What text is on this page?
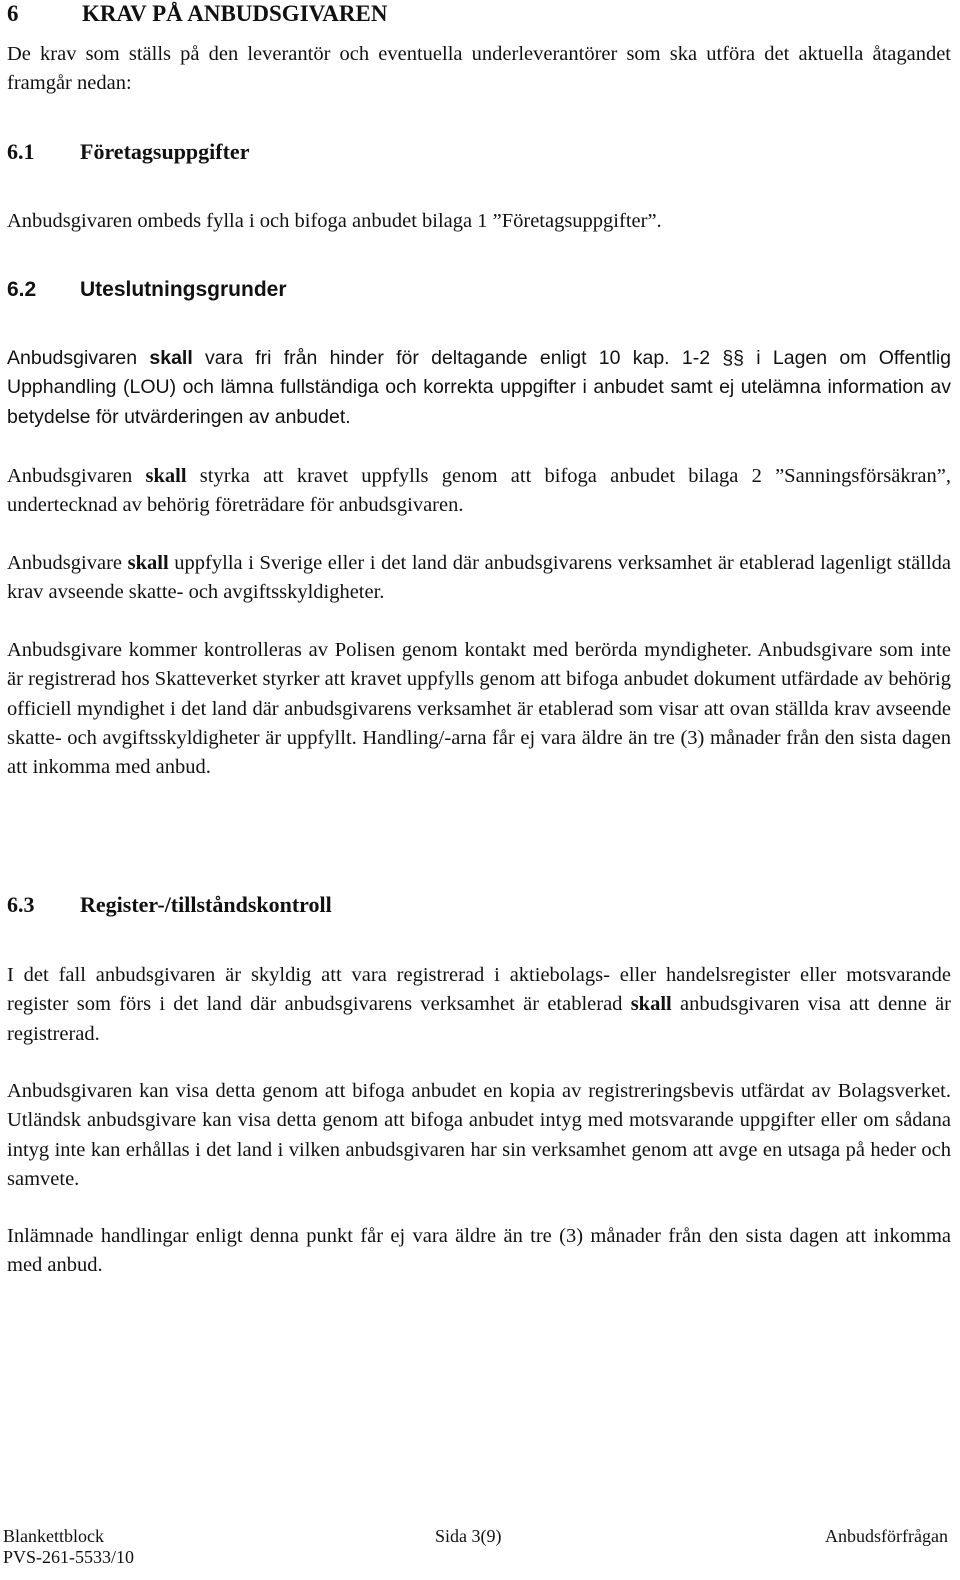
6	KRAV PÅ ANBUDSGIVAREN
De krav som ställs på den leverantör och eventuella underleverantörer som ska utföra det aktuella åtagandet framgår nedan:
6.1 Företagsuppgifter
Anbudsgivaren ombeds fylla i och bifoga anbudet bilaga 1 ”Företagsuppgifter”.
6.2 Uteslutningsgrunder
Anbudsgivaren skall vara fri från hinder för deltagande enligt 10 kap. 1-2 §§ i Lagen om Offentlig Upphandling (LOU) och lämna fullständiga och korrekta uppgifter i anbudet samt ej utelämna information av betydelse för utvärderingen av anbudet.
Anbudsgivaren skall styrka att kravet uppfylls genom att bifoga anbudet bilaga 2 ”Sanningsförsäkran”, undertecknad av behörig företrädare för anbudsgivaren.
Anbudsgivare skall uppfylla i Sverige eller i det land där anbudsgivarens verksamhet är etablerad lagenligt ställda krav avseende skatte- och avgiftsskyldigheter.
Anbudsgivare kommer kontrolleras av Polisen genom kontakt med berörda myndigheter. Anbudsgivare som inte är registrerad hos Skatteverket styrker att kravet uppfylls genom att bifoga anbudet dokument utfärdade av behörig officiell myndighet i det land där anbudsgivarens verksamhet är etablerad som visar att ovan ställda krav avseende skatte- och avgiftsskyldigheter är uppfyllt. Handling/-arna får ej vara äldre än tre (3) månader från den sista dagen att inkomma med anbud.
6.3 Register-/tillståndskontroll
I det fall anbudsgivaren är skyldig att vara registrerad i aktiebolags- eller handelsregister eller motsvarande register som förs i det land där anbudsgivarens verksamhet är etablerad skall anbudsgivaren visa att denne är registrerad.
Anbudsgivaren kan visa detta genom att bifoga anbudet en kopia av registreringsbevis utfärdat av Bolagsverket. Utländsk anbudsgivare kan visa detta genom att bifoga anbudet intyg med motsvarande uppgifter eller om sådana intyg inte kan erhållas i det land i vilken anbudsgivaren har sin verksamhet genom att avge en utsaga på heder och samvete.
Inlämnade handlingar enligt denna punkt får ej vara äldre än tre (3) månader från den sista dagen att inkomma med anbud.
Blankettblock
PVS-261-5533/10
Sida 3(9)	Anbudsförfrågan
